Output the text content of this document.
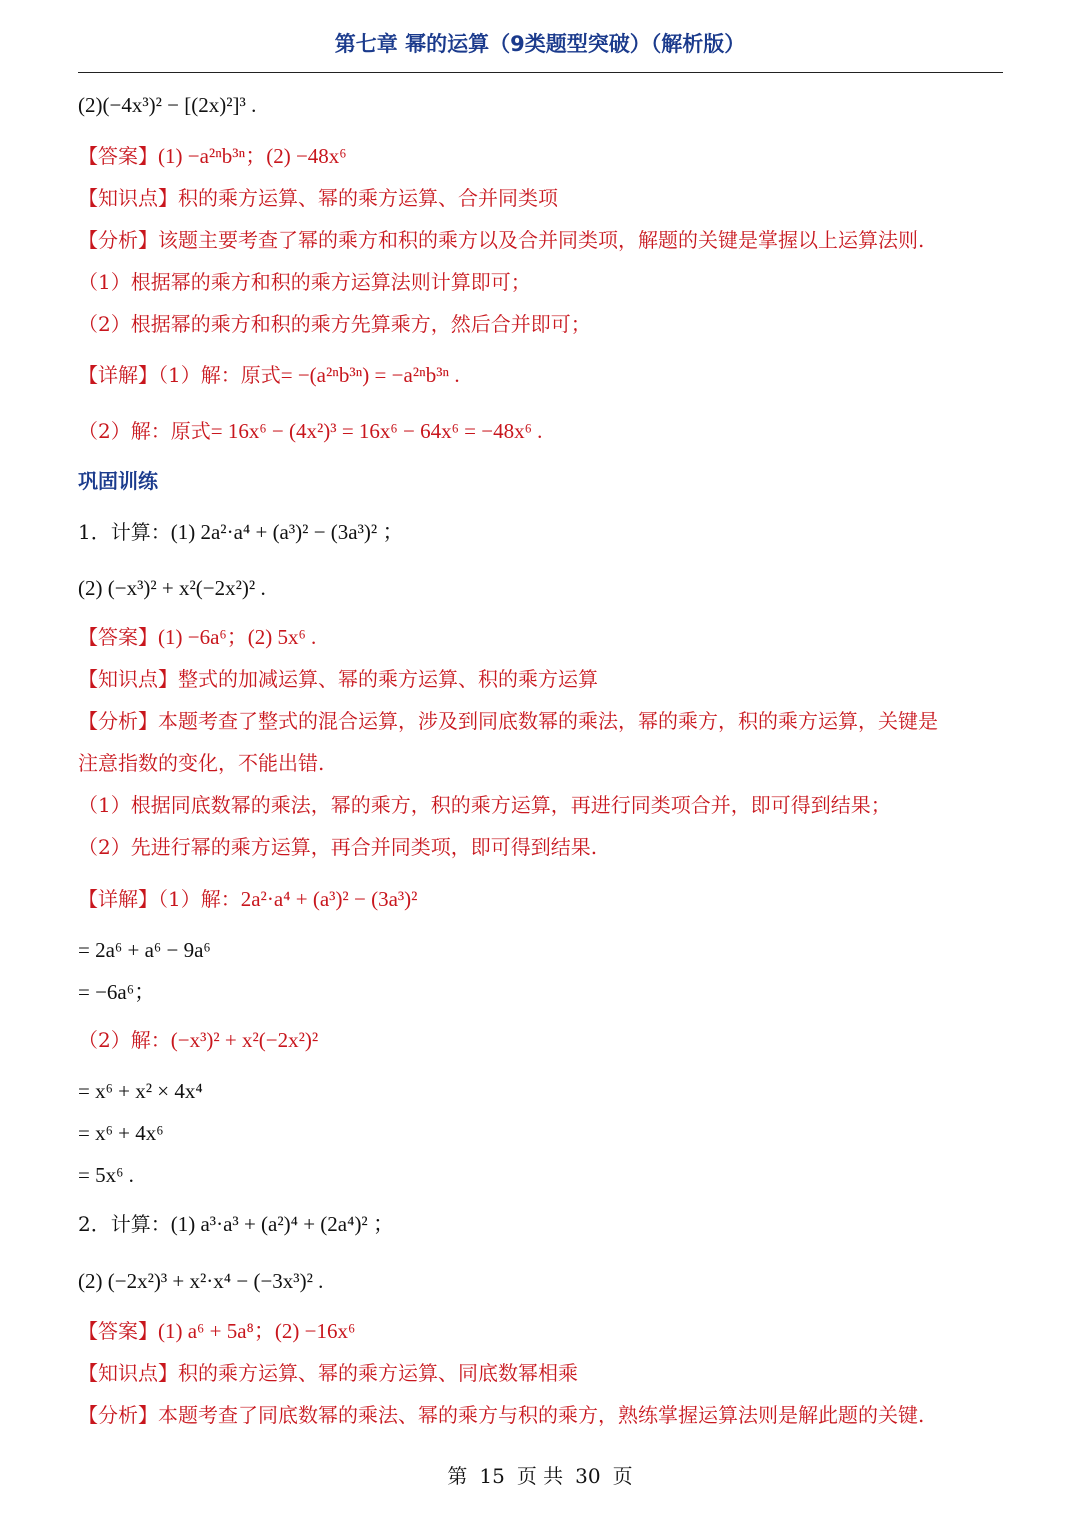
第七章 幂的运算（9类题型突破）（解析版）
(2)(−4x³)² − [(2x)²]³ .
【答案】(1) −a²ⁿb³ⁿ；(2) −48x⁶
【知识点】积的乘方运算、幂的乘方运算、合并同类项
【分析】该题主要考查了幂的乘方和积的乘方以及合并同类项，解题的关键是掌握以上运算法则.
（1）根据幂的乘方和积的乘方运算法则计算即可；
（2）根据幂的乘方和积的乘方先算乘方，然后合并即可；
【详解】（1）解：原式= −(a²ⁿb³ⁿ) = −a²ⁿb³ⁿ .
（2）解：原式= 16x⁶ − (4x²)³ = 16x⁶ − 64x⁶ = −48x⁶ .
巩固训练
1．计算：(1) 2a²·a⁴ + (a³)² − (3a³)² ；
(2) (−x³)² + x²(−2x²)² .
【答案】(1) −6a⁶；(2) 5x⁶ .
【知识点】整式的加减运算、幂的乘方运算、积的乘方运算
【分析】本题考查了整式的混合运算，涉及到同底数幂的乘法，幂的乘方，积的乘方运算，关键是
注意指数的变化，不能出错.
（1）根据同底数幂的乘法，幂的乘方，积的乘方运算，再进行同类项合并，即可得到结果；
（2）先进行幂的乘方运算，再合并同类项，即可得到结果.
【详解】（1）解：2a²·a⁴ + (a³)² − (3a³)²
= 2a⁶ + a⁶ − 9a⁶
= −6a⁶；
（2）解：(−x³)² + x²(−2x²)²
= x⁶ + x² × 4x⁴
= x⁶ + 4x⁶
= 5x⁶ .
2．计算：(1) a³·a³ + (a²)⁴ + (2a⁴)² ；
(2) (−2x²)³ + x²·x⁴ − (−3x³)² .
【答案】(1) a⁶ + 5a⁸；(2) −16x⁶
【知识点】积的乘方运算、幂的乘方运算、同底数幂相乘
【分析】本题考查了同底数幂的乘法、幂的乘方与积的乘方，熟练掌握运算法则是解此题的关键.
第 15 页 共 30 页
